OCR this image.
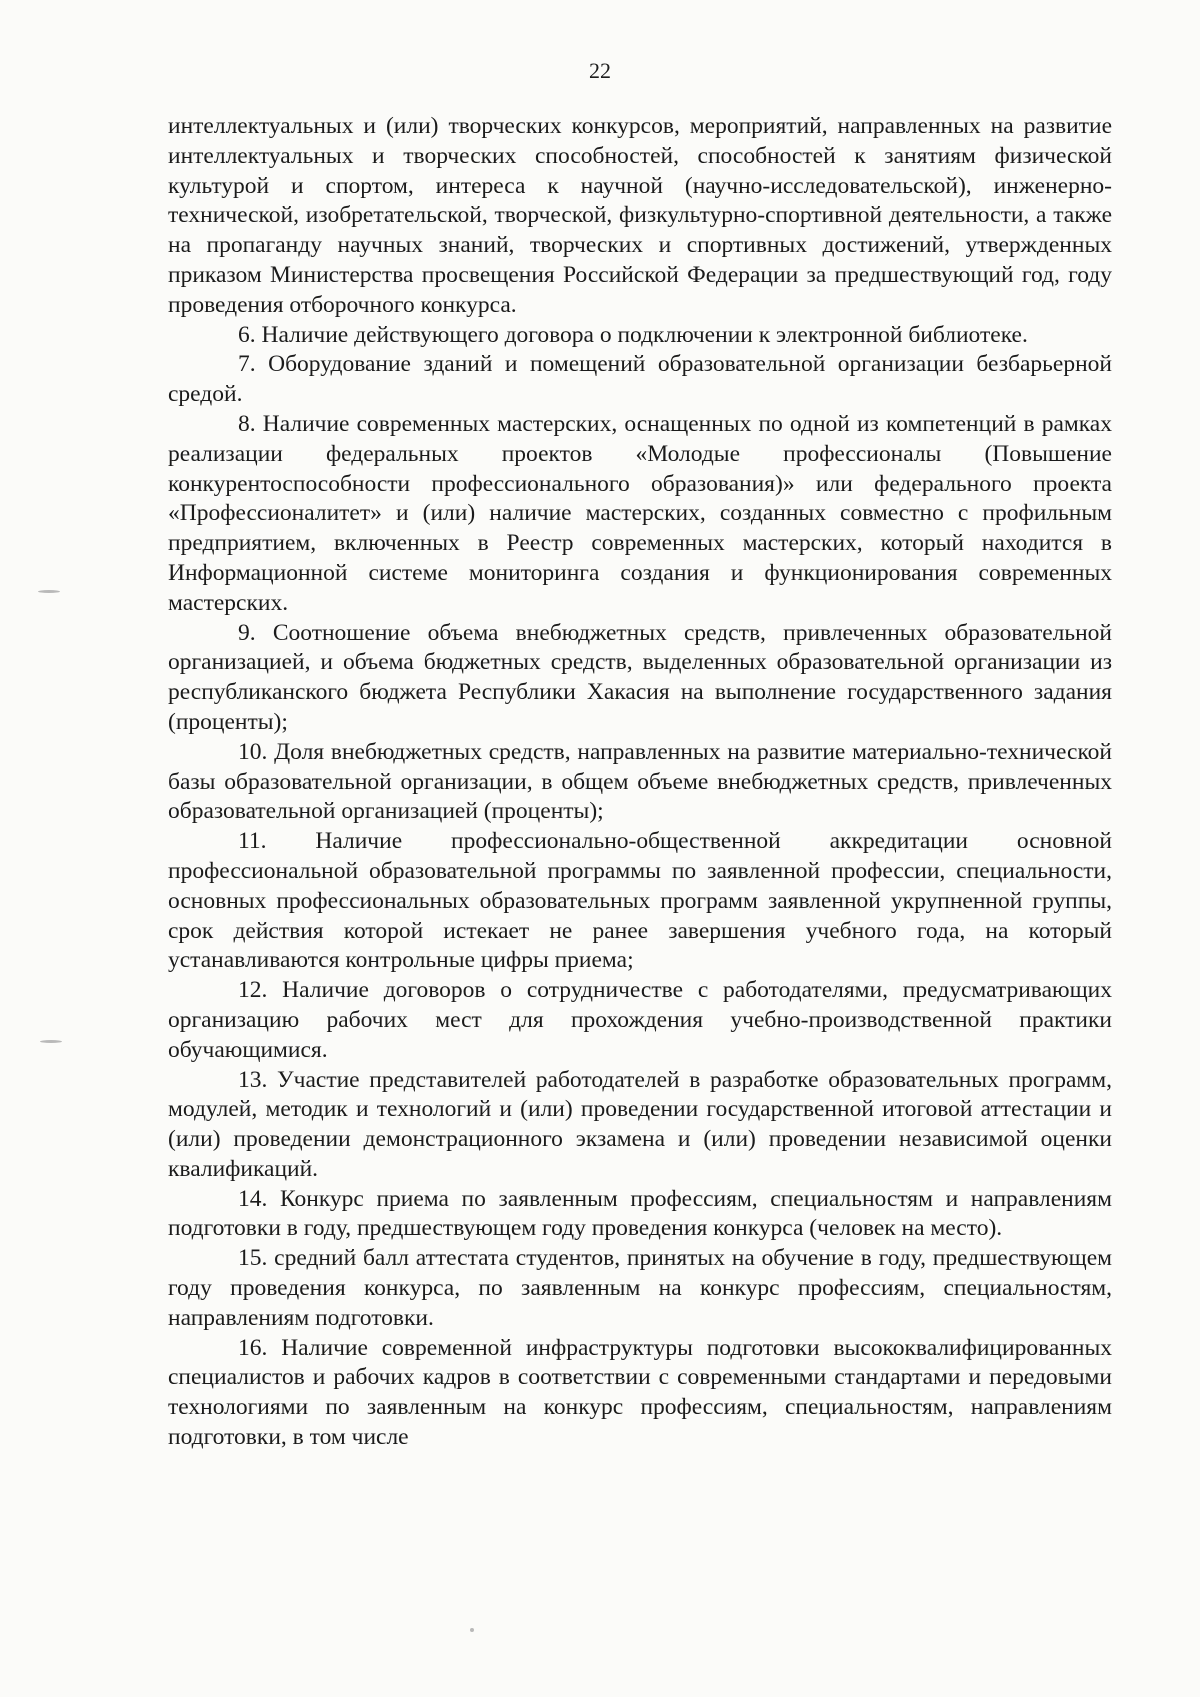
22

интеллектуальных и (или) творческих конкурсов, мероприятий, направленных на развитие интеллектуальных и творческих способностей, способностей к занятиям физической культурой и спортом, интереса к научной (научно-исследовательской), инженерно-технической, изобретательской, творческой, физкультурно-спортивной деятельности, а также на пропаганду научных знаний, творческих и спортивных достижений, утвержденных приказом Министерства просвещения Российской Федерации за предшествующий год, году проведения отборочного конкурса.

6. Наличие действующего договора о подключении к электронной библиотеке.

7. Оборудование зданий и помещений образовательной организации безбарьерной средой.

8. Наличие современных мастерских, оснащенных по одной из компетенций в рамках реализации федеральных проектов «Молодые профессионалы (Повышение конкурентоспособности профессионального образования)» или федерального проекта «Профессионалитет» и (или) наличие мастерских, созданных совместно с профильным предприятием, включенных в Реестр современных мастерских, который находится в Информационной системе мониторинга создания и функционирования современных мастерских.

9. Соотношение объема внебюджетных средств, привлеченных образовательной организацией, и объема бюджетных средств, выделенных образовательной организации из республиканского бюджета Республики Хакасия на выполнение государственного задания (проценты);

10. Доля внебюджетных средств, направленных на развитие материально-технической базы образовательной организации, в общем объеме внебюджетных средств, привлеченных образовательной организацией (проценты);

11. Наличие профессионально-общественной аккредитации основной профессиональной образовательной программы по заявленной профессии, специальности, основных профессиональных образовательных программ заявленной укрупненной группы, срок действия которой истекает не ранее завершения учебного года, на который устанавливаются контрольные цифры приема;

12. Наличие договоров о сотрудничестве с работодателями, предусматривающих организацию рабочих мест для прохождения учебно-производственной практики обучающимися.

13. Участие представителей работодателей в разработке образовательных программ, модулей, методик и технологий и (или) проведении государственной итоговой аттестации и (или) проведении демонстрационного экзамена и (или) проведении независимой оценки квалификаций.

14. Конкурс приема по заявленным профессиям, специальностям и направлениям подготовки в году, предшествующем году проведения конкурса (человек на место).

15. средний балл аттестата студентов, принятых на обучение в году, предшествующем году проведения конкурса, по заявленным на конкурс профессиям, специальностям, направлениям подготовки.

16. Наличие современной инфраструктуры подготовки высококвалифицированных специалистов и рабочих кадров в соответствии с современными стандартами и передовыми технологиями по заявленным на конкурс профессиям, специальностям, направлениям подготовки, в том числе
